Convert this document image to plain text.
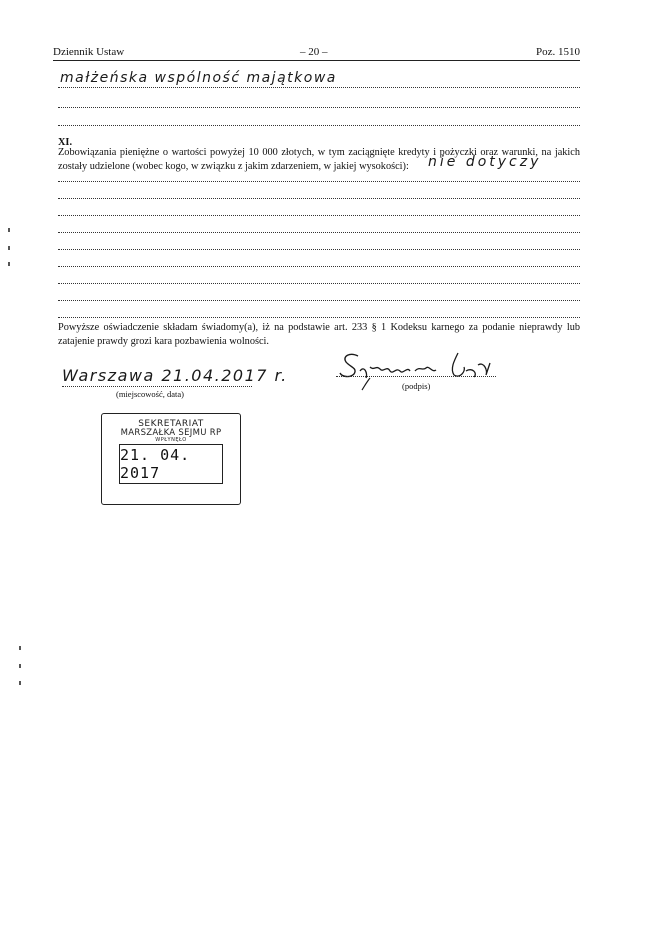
Dziennik Ustaw	– 20 –	Poz. 1510
małżeńska wspólność majątkowa
XI.
Zobowiązania pieniężne o wartości powyżej 10 000 złotych, w tym zaciągnięte kredyty i pożyczki oraz warunki, na jakich zostały udzielone (wobec kogo, w związku z jakim zdarzeniem, w jakiej wysokości):	nie dotyczy
Powyższe oświadczenie składam świadomy(a), iż na podstawie art. 233 § 1 Kodeksu karnego za podanie nieprawdy lub zatajenie prawdy grozi kara pozbawienia wolności.
Warszawa 21.04.2017 r.
(miejscowość, data)
(podpis)
SEKRETARIAT
MARSZAŁKA SEJMU RP
WPŁYNĘŁO
21. 04. 2017
